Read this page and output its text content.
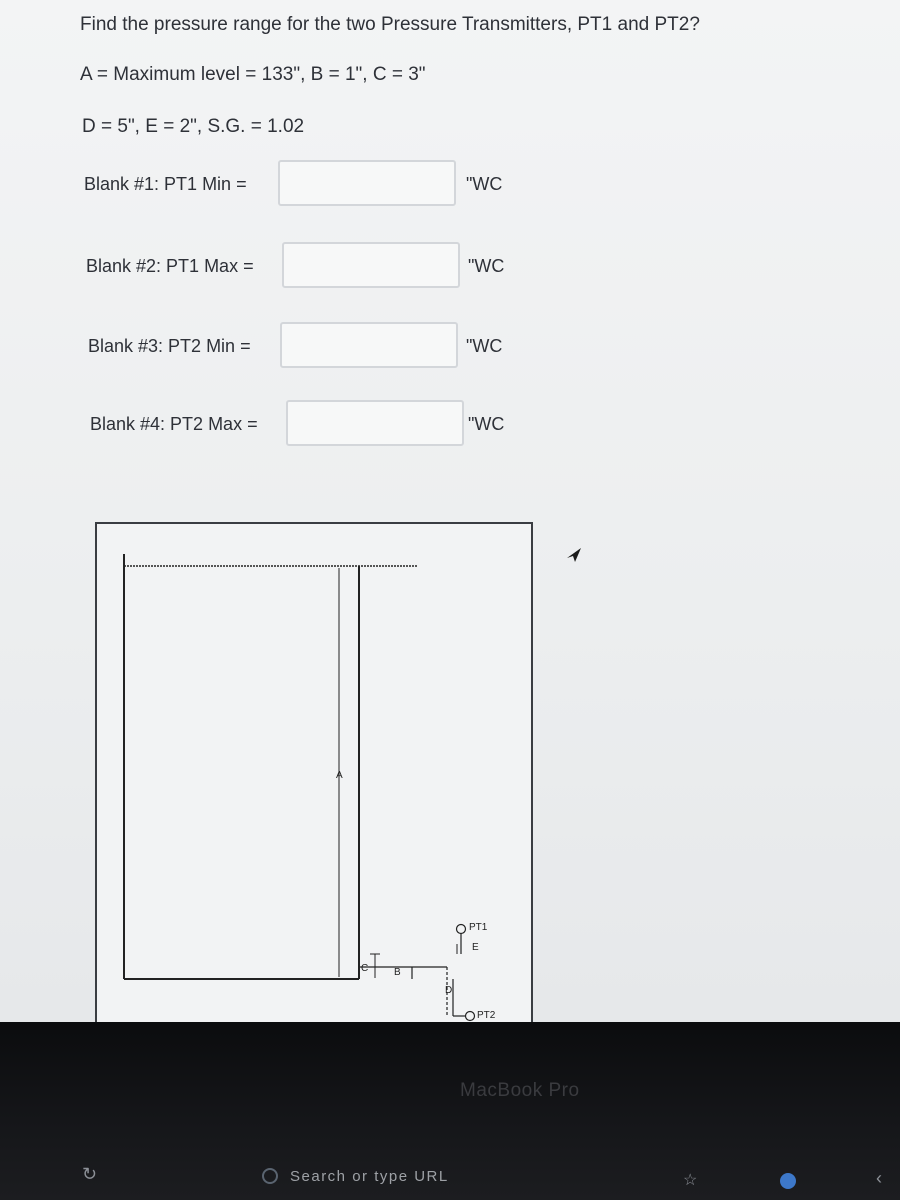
Find the pressure range for the two Pressure Transmitters, PT1 and PT2?
A = Maximum level = 133", B = 1", C = 3"
D = 5", E = 2", S.G. = 1.02
Blank #1: PT1 Min =	"WC
Blank #2: PT1 Max =	"WC
Blank #3: PT2 Min =	"WC
Blank #4: PT2 Max =	"WC
A
C	B
D
E
PT1
PT2
MacBook Pro
↻	Search or type URL	☆	‹
